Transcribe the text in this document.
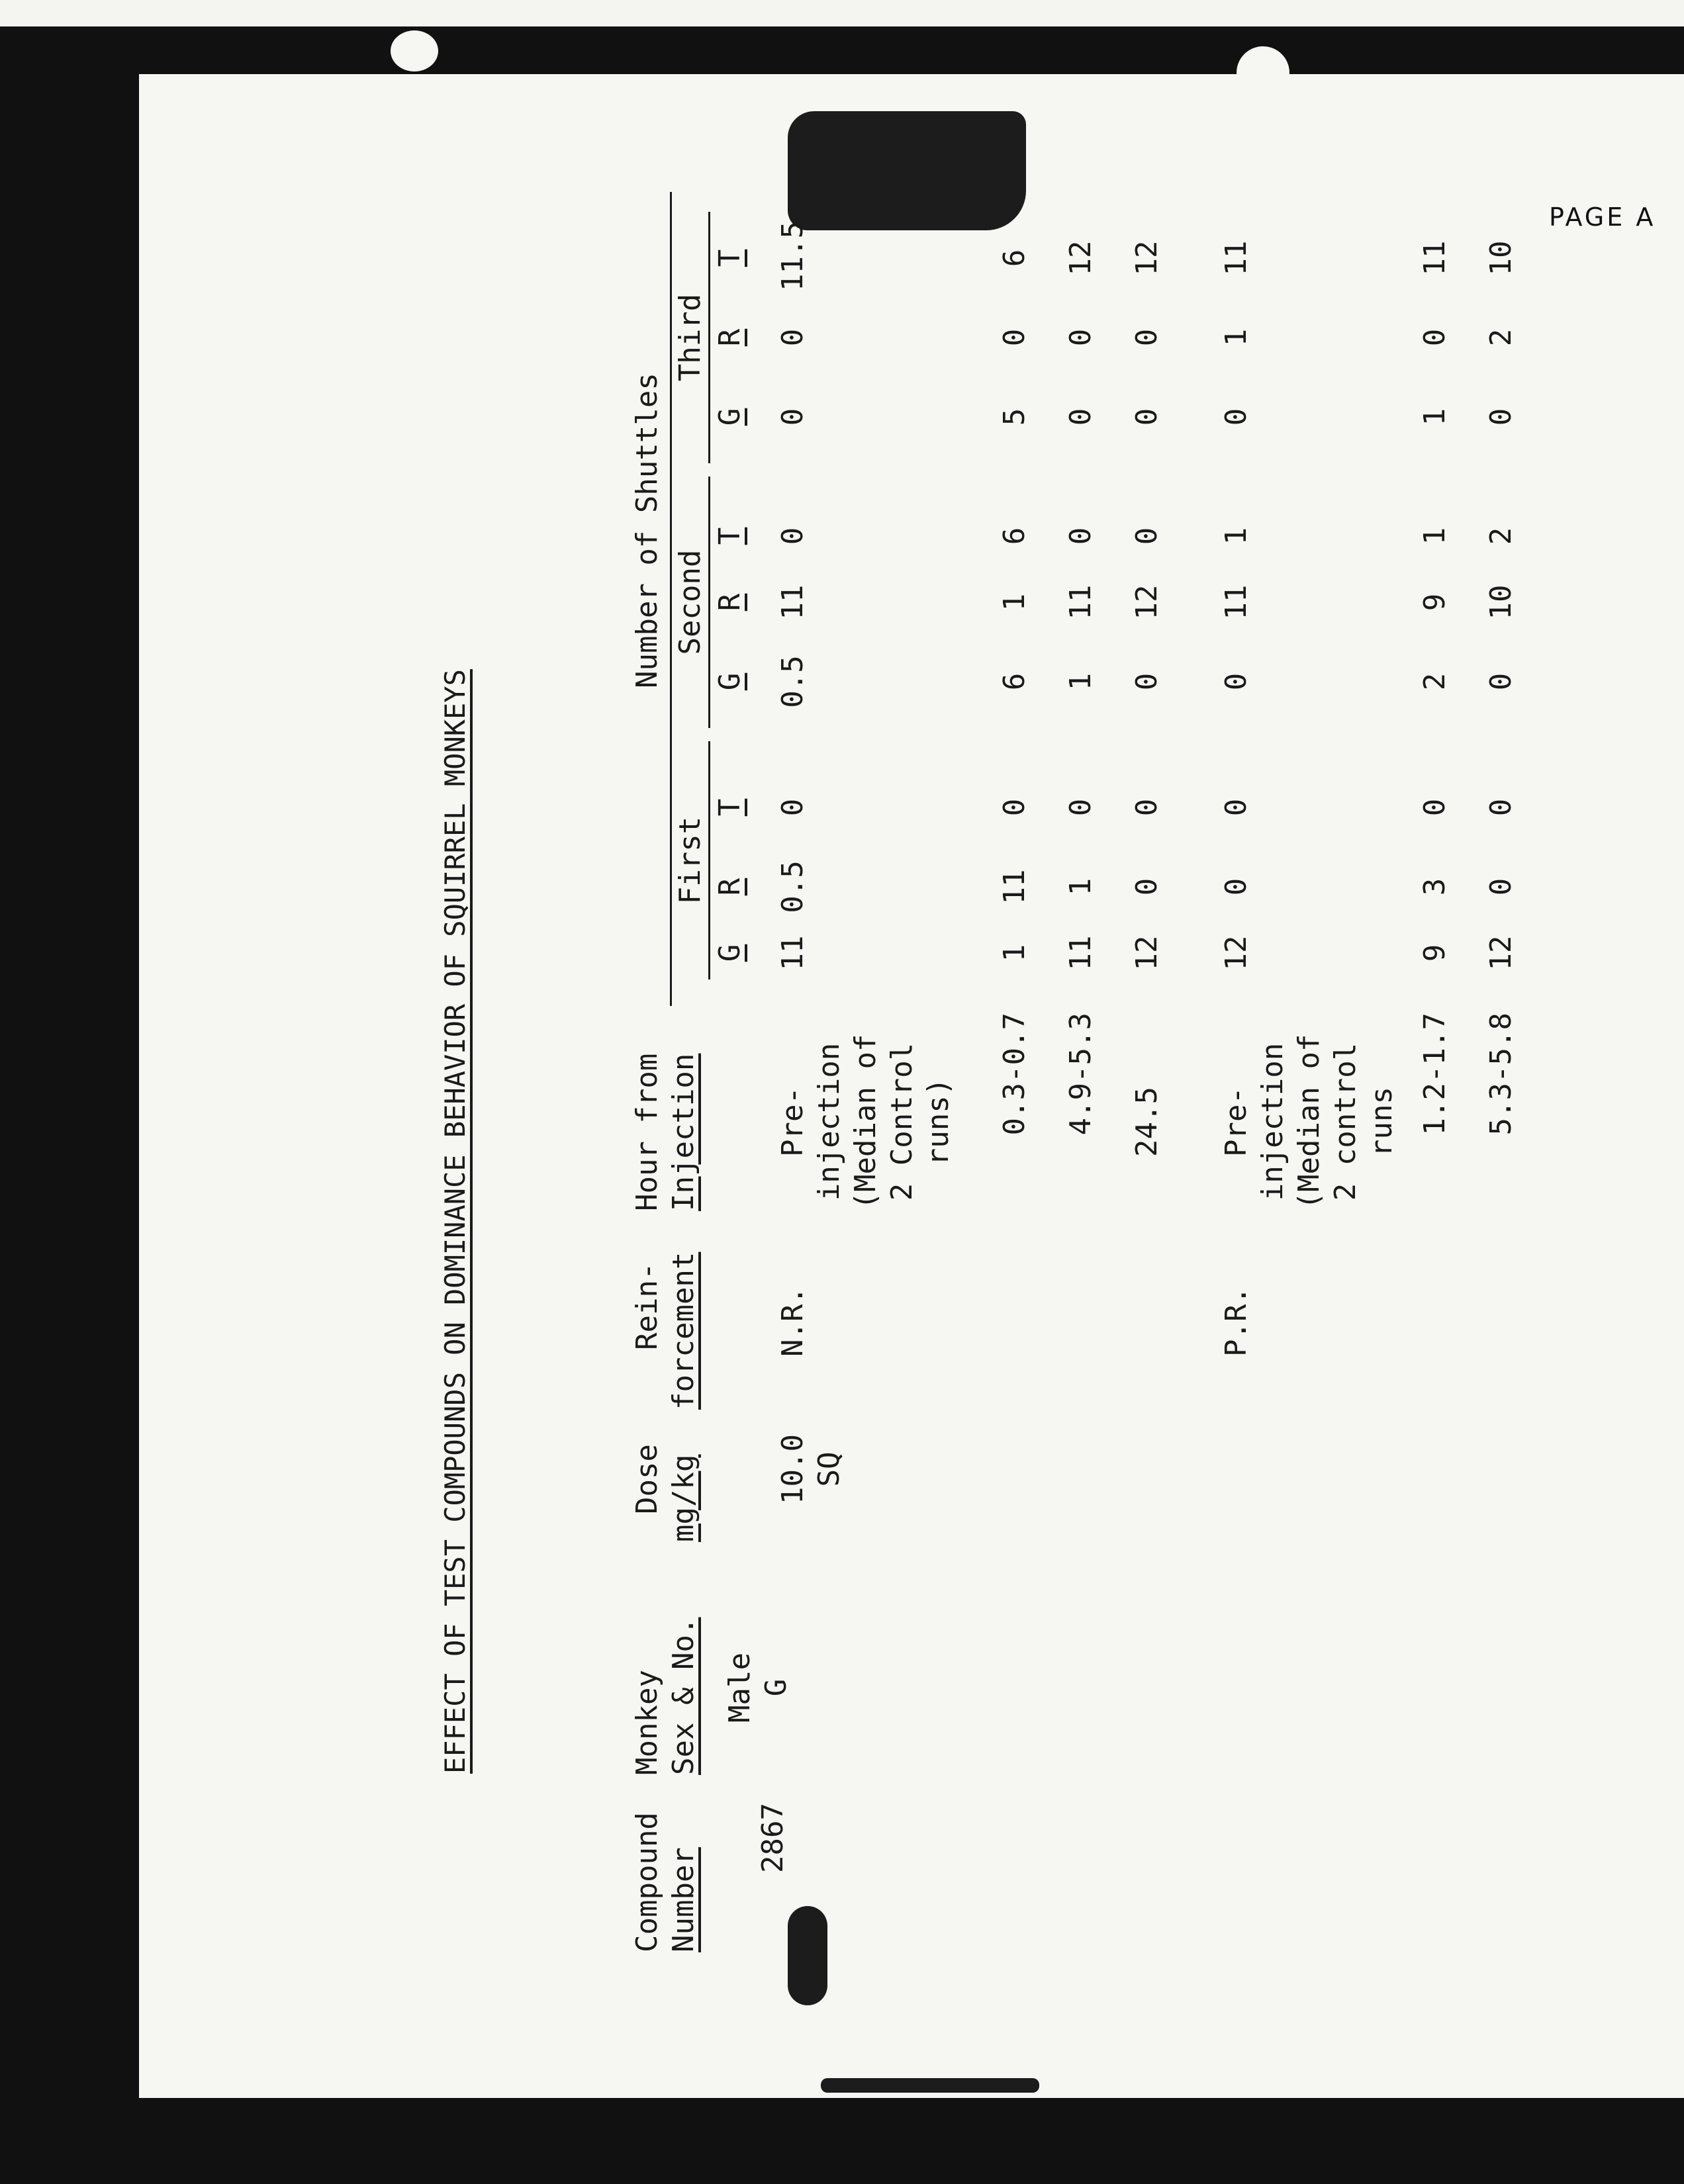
PAGE A
EFFECT OF TEST COMPOUNDS ON DOMINANCE BEHAVIOR OF SQUIRREL MONKEYS
Compound Number
Monkey Sex & No.
Dose mg/kg
Rein- forcement
Hour from Injection
Number of Shuttles
First
Second
Third
G
R
T
G
R
T
G
R
T
2867
Male G
10.0 SQ
N.R.
Pre- injection (Median of 2 Control runs) 0.3-0.7 4.9-5.3 24.5
P.R.
Pre- injection (Median of 2 control runs 1.2-1.7 5.3-5.8
11
0.5
0
0.5
11
0
0
0
11.5
1
11
0
6
1
6
5
0
6
11
1
0
1
11
0
0
0
12
12
0
0
0
12
0
0
0
12
12
0
0
0
11
1
0
1
11
9
3
0
2
9
1
1
0
11
12
0
0
0
10
2
0
2
10
